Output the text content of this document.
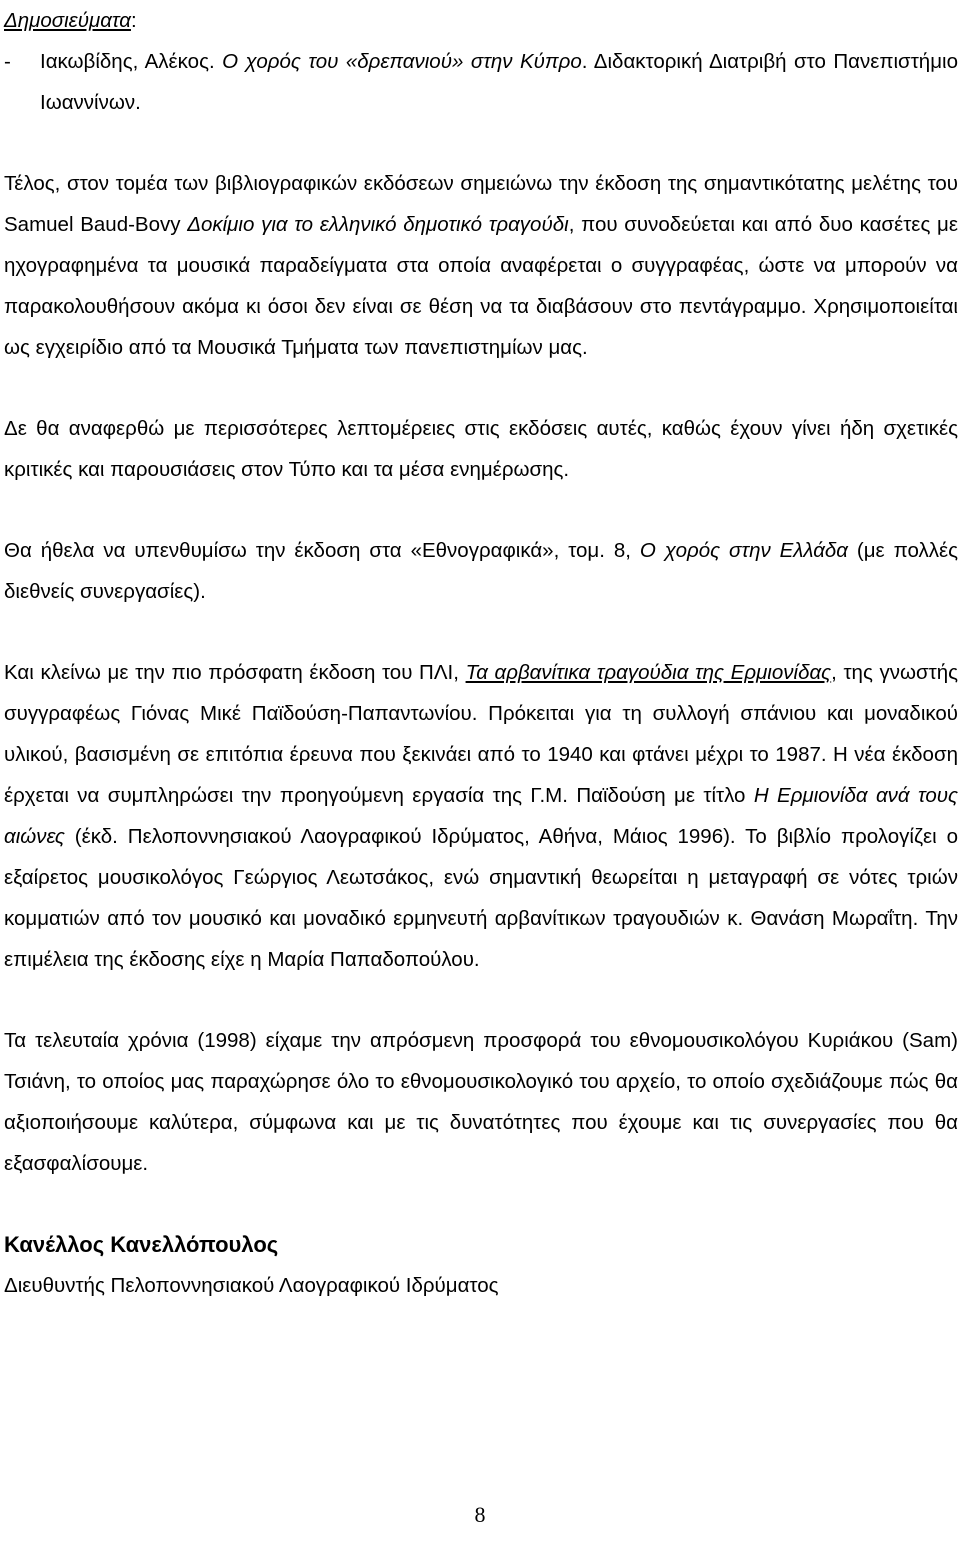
Δημοσιεύματα:

-	Ιακωβίδης, Αλέκος. Ο χορός του «δρεπανιού» στην Κύπρο. Διδακτορική Διατριβή στο Πανεπιστήμιο Ιωαννίνων.

Τέλος, στον τομέα των βιβλιογραφικών εκδόσεων σημειώνω την έκδοση της σημαντικότατης μελέτης του Samuel Baud-Bovy Δοκίμιο για το ελληνικό δημοτικό τραγούδι, που συνοδεύεται και από δυο κασέτες με ηχογραφημένα τα μουσικά παραδείγματα στα οποία αναφέρεται ο συγγραφέας, ώστε να μπορούν να παρακολουθήσουν ακόμα κι όσοι δεν είναι σε θέση να τα διαβάσουν στο πεντάγραμμο. Χρησιμοποιείται ως εγχειρίδιο από τα Μουσικά Τμήματα των πανεπιστημίων μας.

Δε θα αναφερθώ με περισσότερες λεπτομέρειες στις εκδόσεις αυτές, καθώς έχουν γίνει ήδη σχετικές κριτικές και παρουσιάσεις στον Τύπο και τα μέσα ενημέρωσης.

Θα ήθελα να υπενθυμίσω την έκδοση στα «Εθνογραφικά», τομ. 8, Ο χορός στην Ελλάδα (με πολλές διεθνείς συνεργασίες).

Και κλείνω με την πιο πρόσφατη έκδοση του ΠΛΙ, Τα αρβανίτικα τραγούδια της Ερμιονίδας, της γνωστής συγγραφέως Γιόνας Μικέ Παϊδούση-Παπαντωνίου. Πρόκειται για τη συλλογή σπάνιου και μοναδικού υλικού, βασισμένη σε επιτόπια έρευνα που ξεκινάει από το 1940 και φτάνει μέχρι το 1987. Η νέα έκδοση έρχεται να συμπληρώσει την προηγούμενη εργασία της Γ.Μ. Παϊδούση με τίτλο Η Ερμιονίδα ανά τους αιώνες (έκδ. Πελοποννησιακού Λαογραφικού Ιδρύματος, Αθήνα, Μάιος 1996). Το βιβλίο προλογίζει ο εξαίρετος μουσικολόγος Γεώργιος Λεωτσάκος, ενώ σημαντική θεωρείται η μεταγραφή σε νότες τριών κομματιών από τον μουσικό και μοναδικό ερμηνευτή αρβανίτικων τραγουδιών κ. Θανάση Μωραΐτη. Την επιμέλεια της έκδοσης είχε η Μαρία Παπαδοπούλου.

Τα τελευταία χρόνια (1998) είχαμε την απρόσμενη προσφορά του εθνομουσικολόγου Κυριάκου (Sam) Τσιάνη, το οποίος μας παραχώρησε όλο το εθνομουσικολογικό του αρχείο, το οποίο σχεδιάζουμε πώς θα αξιοποιήσουμε καλύτερα, σύμφωνα και με τις δυνατότητες που έχουμε και τις συνεργασίες που θα εξασφαλίσουμε.

Κανέλλος Κανελλόπουλος

Διευθυντής Πελοποννησιακού Λαογραφικού Ιδρύματος

8
